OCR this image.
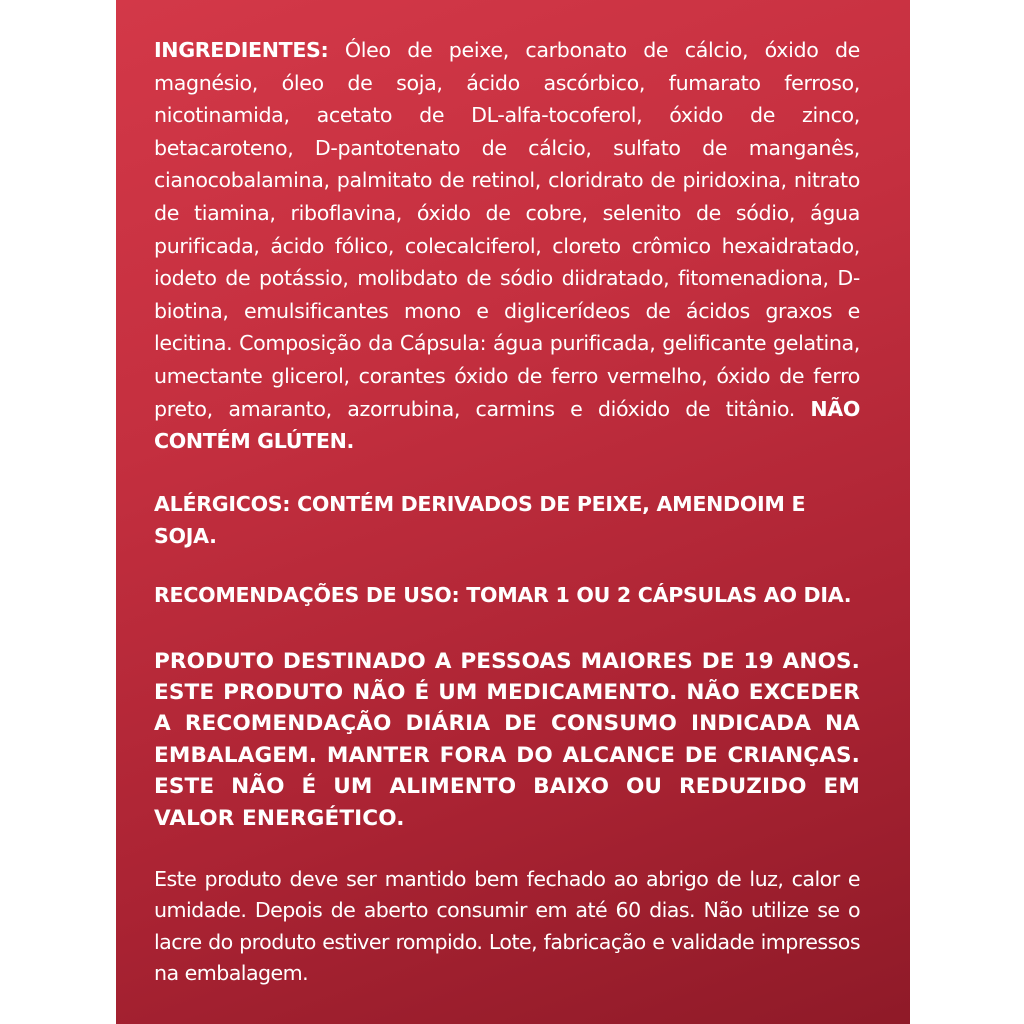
INGREDIENTES: Óleo de peixe, carbonato de cálcio, óxido de magnésio, óleo de soja, ácido ascórbico, fumarato ferroso, nicotinamida, acetato de DL-alfa-tocoferol, óxido de zinco, betacaroteno, D-pantotenato de cálcio, sulfato de manganês, cianocobalamina, palmitato de retinol, cloridrato de piridoxina, nitrato de tiamina, riboflavina, óxido de cobre, selenito de sódio, água purificada, ácido fólico, colecalciferol, cloreto crômico hexaidratado, iodeto de potássio, molibdato de sódio diidratado, fitomenadiona, D-biotina, emulsificantes mono e diglicerídeos de ácidos graxos e lecitina. Composição da Cápsula: água purificada, gelificante gelatina, umectante glicerol, corantes óxido de ferro vermelho, óxido de ferro preto, amaranto, azorrubina, carmins e dióxido de titânio. NÃO CONTÉM GLÚTEN.

ALÉRGICOS: CONTÉM DERIVADOS DE PEIXE, AMENDOIM E SOJA.

RECOMENDAÇÕES DE USO: TOMAR 1 OU 2 CÁPSULAS AO DIA.

PRODUTO DESTINADO A PESSOAS MAIORES DE 19 ANOS. ESTE PRODUTO NÃO É UM MEDICAMENTO. NÃO EXCEDER A RECOMENDAÇÃO DIÁRIA DE CONSUMO INDICADA NA EMBALAGEM. MANTER FORA DO ALCANCE DE CRIANÇAS. ESTE NÃO É UM ALIMENTO BAIXO OU REDUZIDO EM VALOR ENERGÉTICO.

Este produto deve ser mantido bem fechado ao abrigo de luz, calor e umidade. Depois de aberto consumir em até 60 dias. Não utilize se o lacre do produto estiver rompido. Lote, fabricação e validade impressos na embalagem.
